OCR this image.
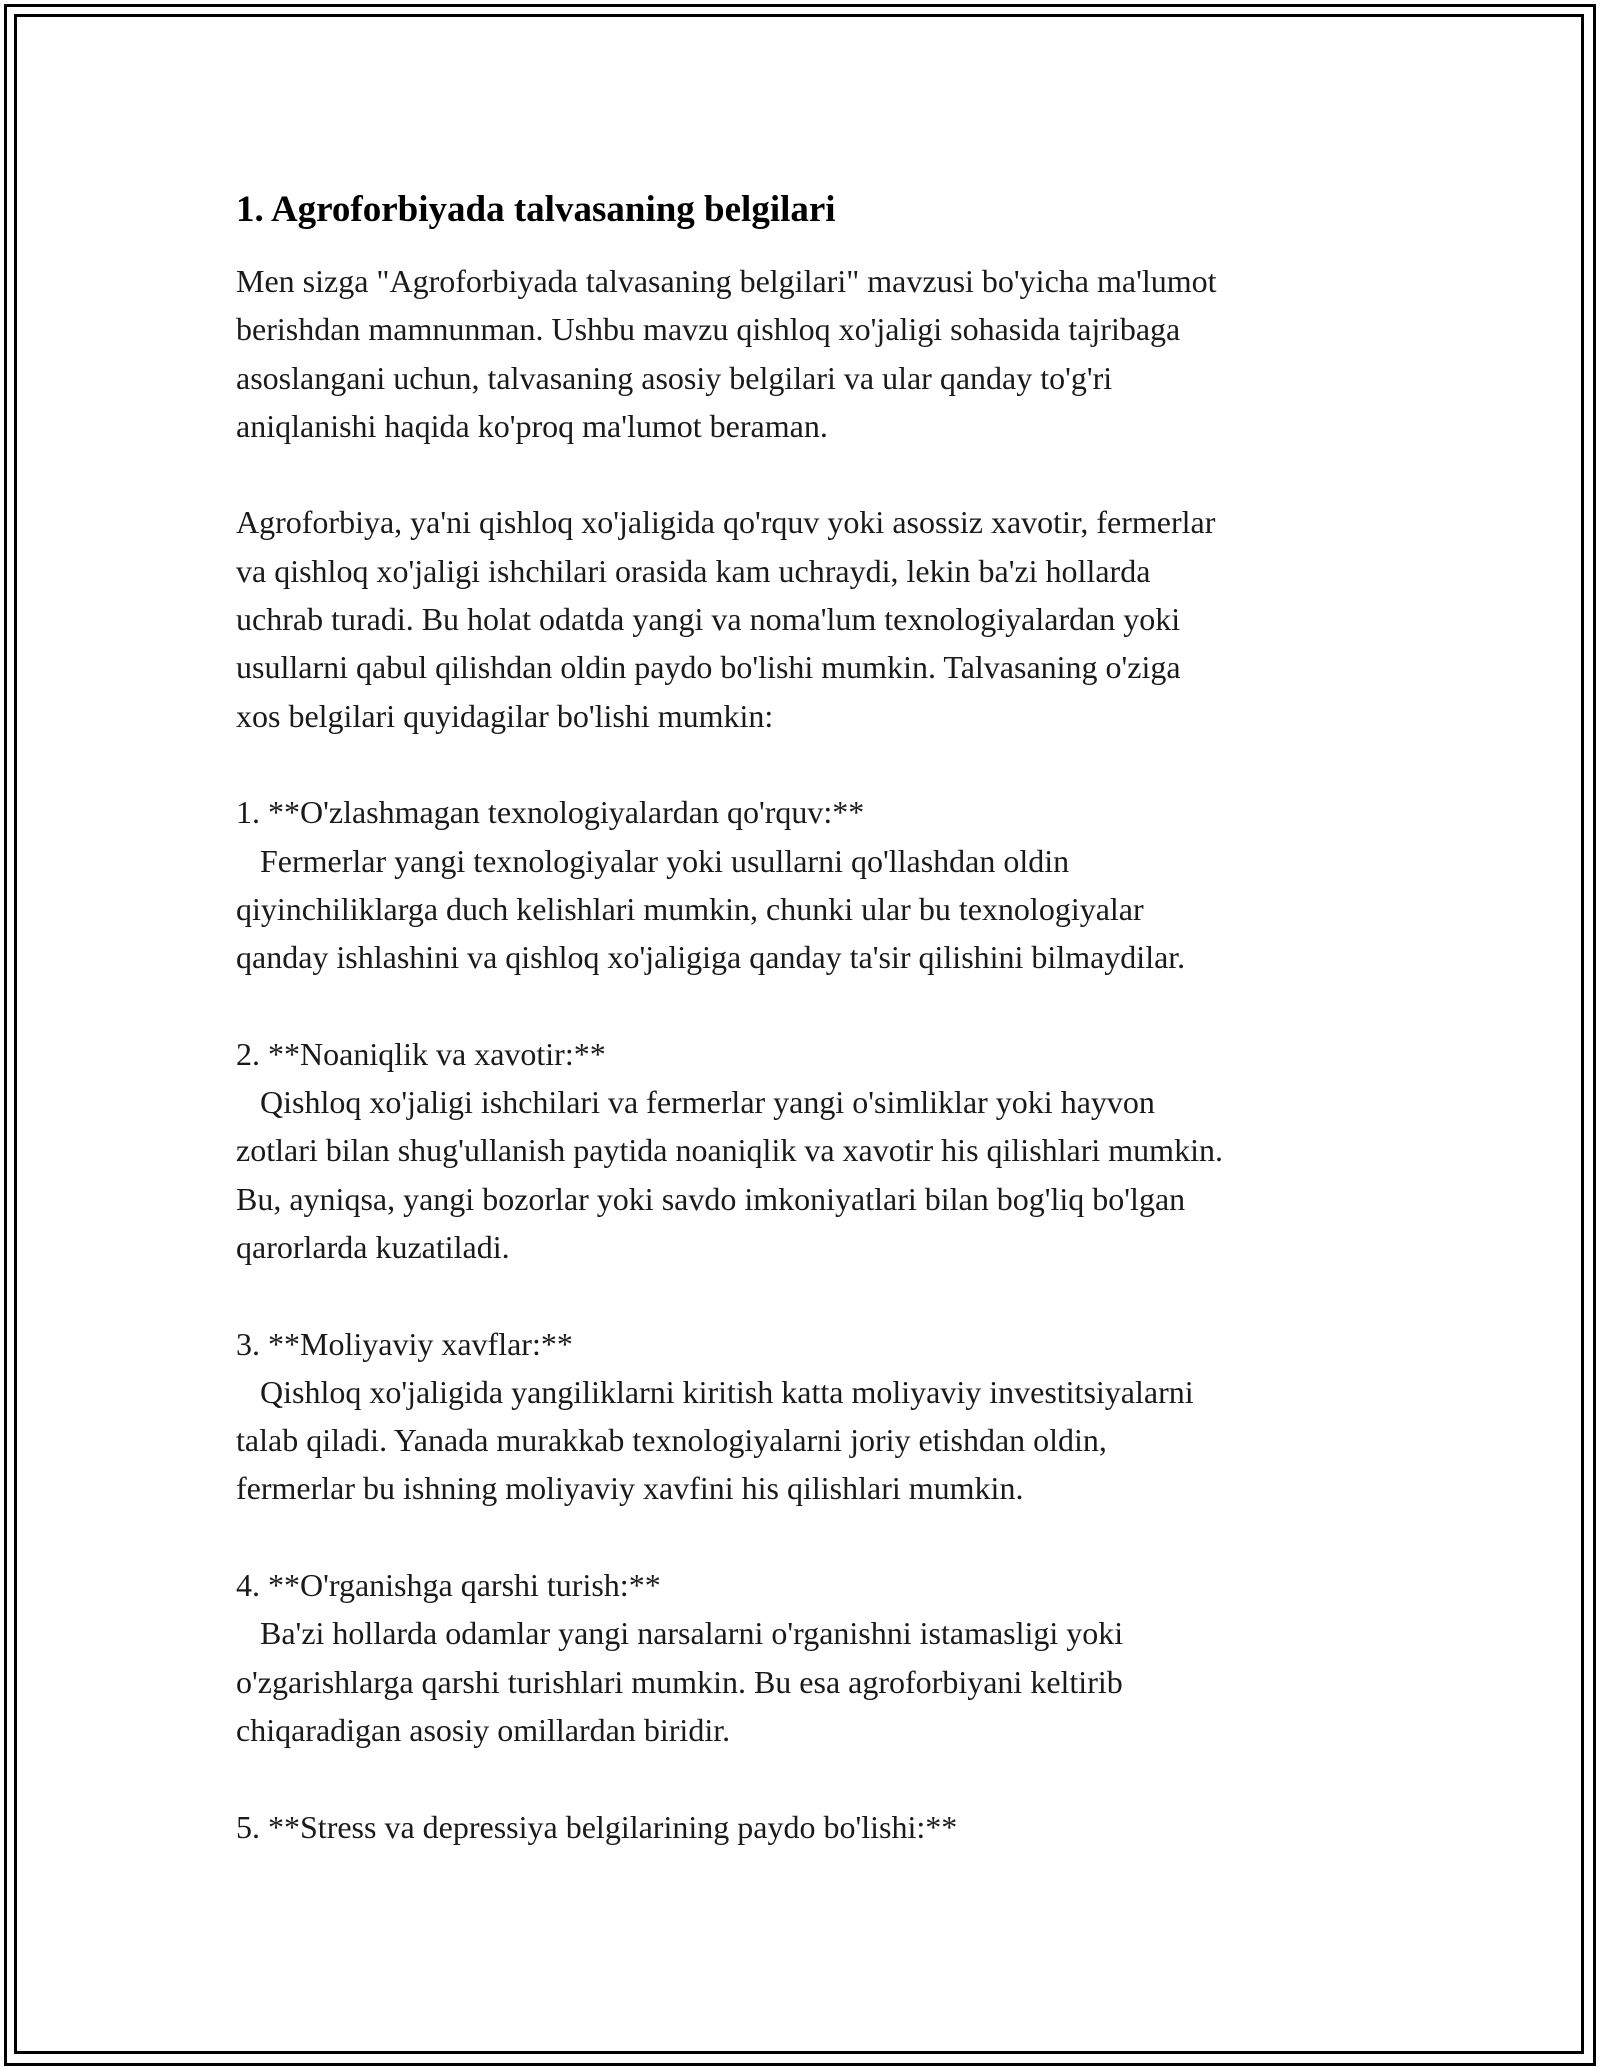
1. Agroforbiyada talvasaning belgilari

Men sizga "Agroforbiyada talvasaning belgilari" mavzusi bo'yicha ma'lumot
berishdan mamnunman. Ushbu mavzu qishloq xo'jaligi sohasida tajribaga
asoslangani uchun, talvasaning asosiy belgilari va ular qanday to'g'ri
aniqlanishi haqida ko'proq ma'lumot beraman.

Agroforbiya, ya'ni qishloq xo'jaligida qo'rquv yoki asossiz xavotir, fermerlar
va qishloq xo'jaligi ishchilari orasida kam uchraydi, lekin ba'zi hollarda
uchrab turadi. Bu holat odatda yangi va noma'lum texnologiyalardan yoki
usullarni qabul qilishdan oldin paydo bo'lishi mumkin. Talvasaning o'ziga
xos belgilari quyidagilar bo'lishi mumkin:

1. **O'zlashmagan texnologiyalardan qo'rquv:**

Fermerlar yangi texnologiyalar yoki usullarni qo'llashdan oldin
qiyinchiliklarga duch kelishlari mumkin, chunki ular bu texnologiyalar
qanday ishlashini va qishloq xo'jaligiga qanday ta'sir qilishini bilmaydilar.

2. **Noaniqlik va xavotir:**

Qishloq xo'jaligi ishchilari va fermerlar yangi o'simliklar yoki hayvon
zotlari bilan shug'ullanish paytida noaniqlik va xavotir his qilishlari mumkin.
Bu, ayniqsa, yangi bozorlar yoki savdo imkoniyatlari bilan bog'liq bo'lgan
qarorlarda kuzatiladi.

3. **Moliyaviy xavflar:**

Qishloq xo'jaligida yangiliklarni kiritish katta moliyaviy investitsiyalarni
talab qiladi. Yanada murakkab texnologiyalarni joriy etishdan oldin,
fermerlar bu ishning moliyaviy xavfini his qilishlari mumkin.

4. **O'rganishga qarshi turish:**

Ba'zi hollarda odamlar yangi narsalarni o'rganishni istamasligi yoki
o'zgarishlarga qarshi turishlari mumkin. Bu esa agroforbiyani keltirib
chiqaradigan asosiy omillardan biridir.

5. **Stress va depressiya belgilarining paydo bo'lishi:**
